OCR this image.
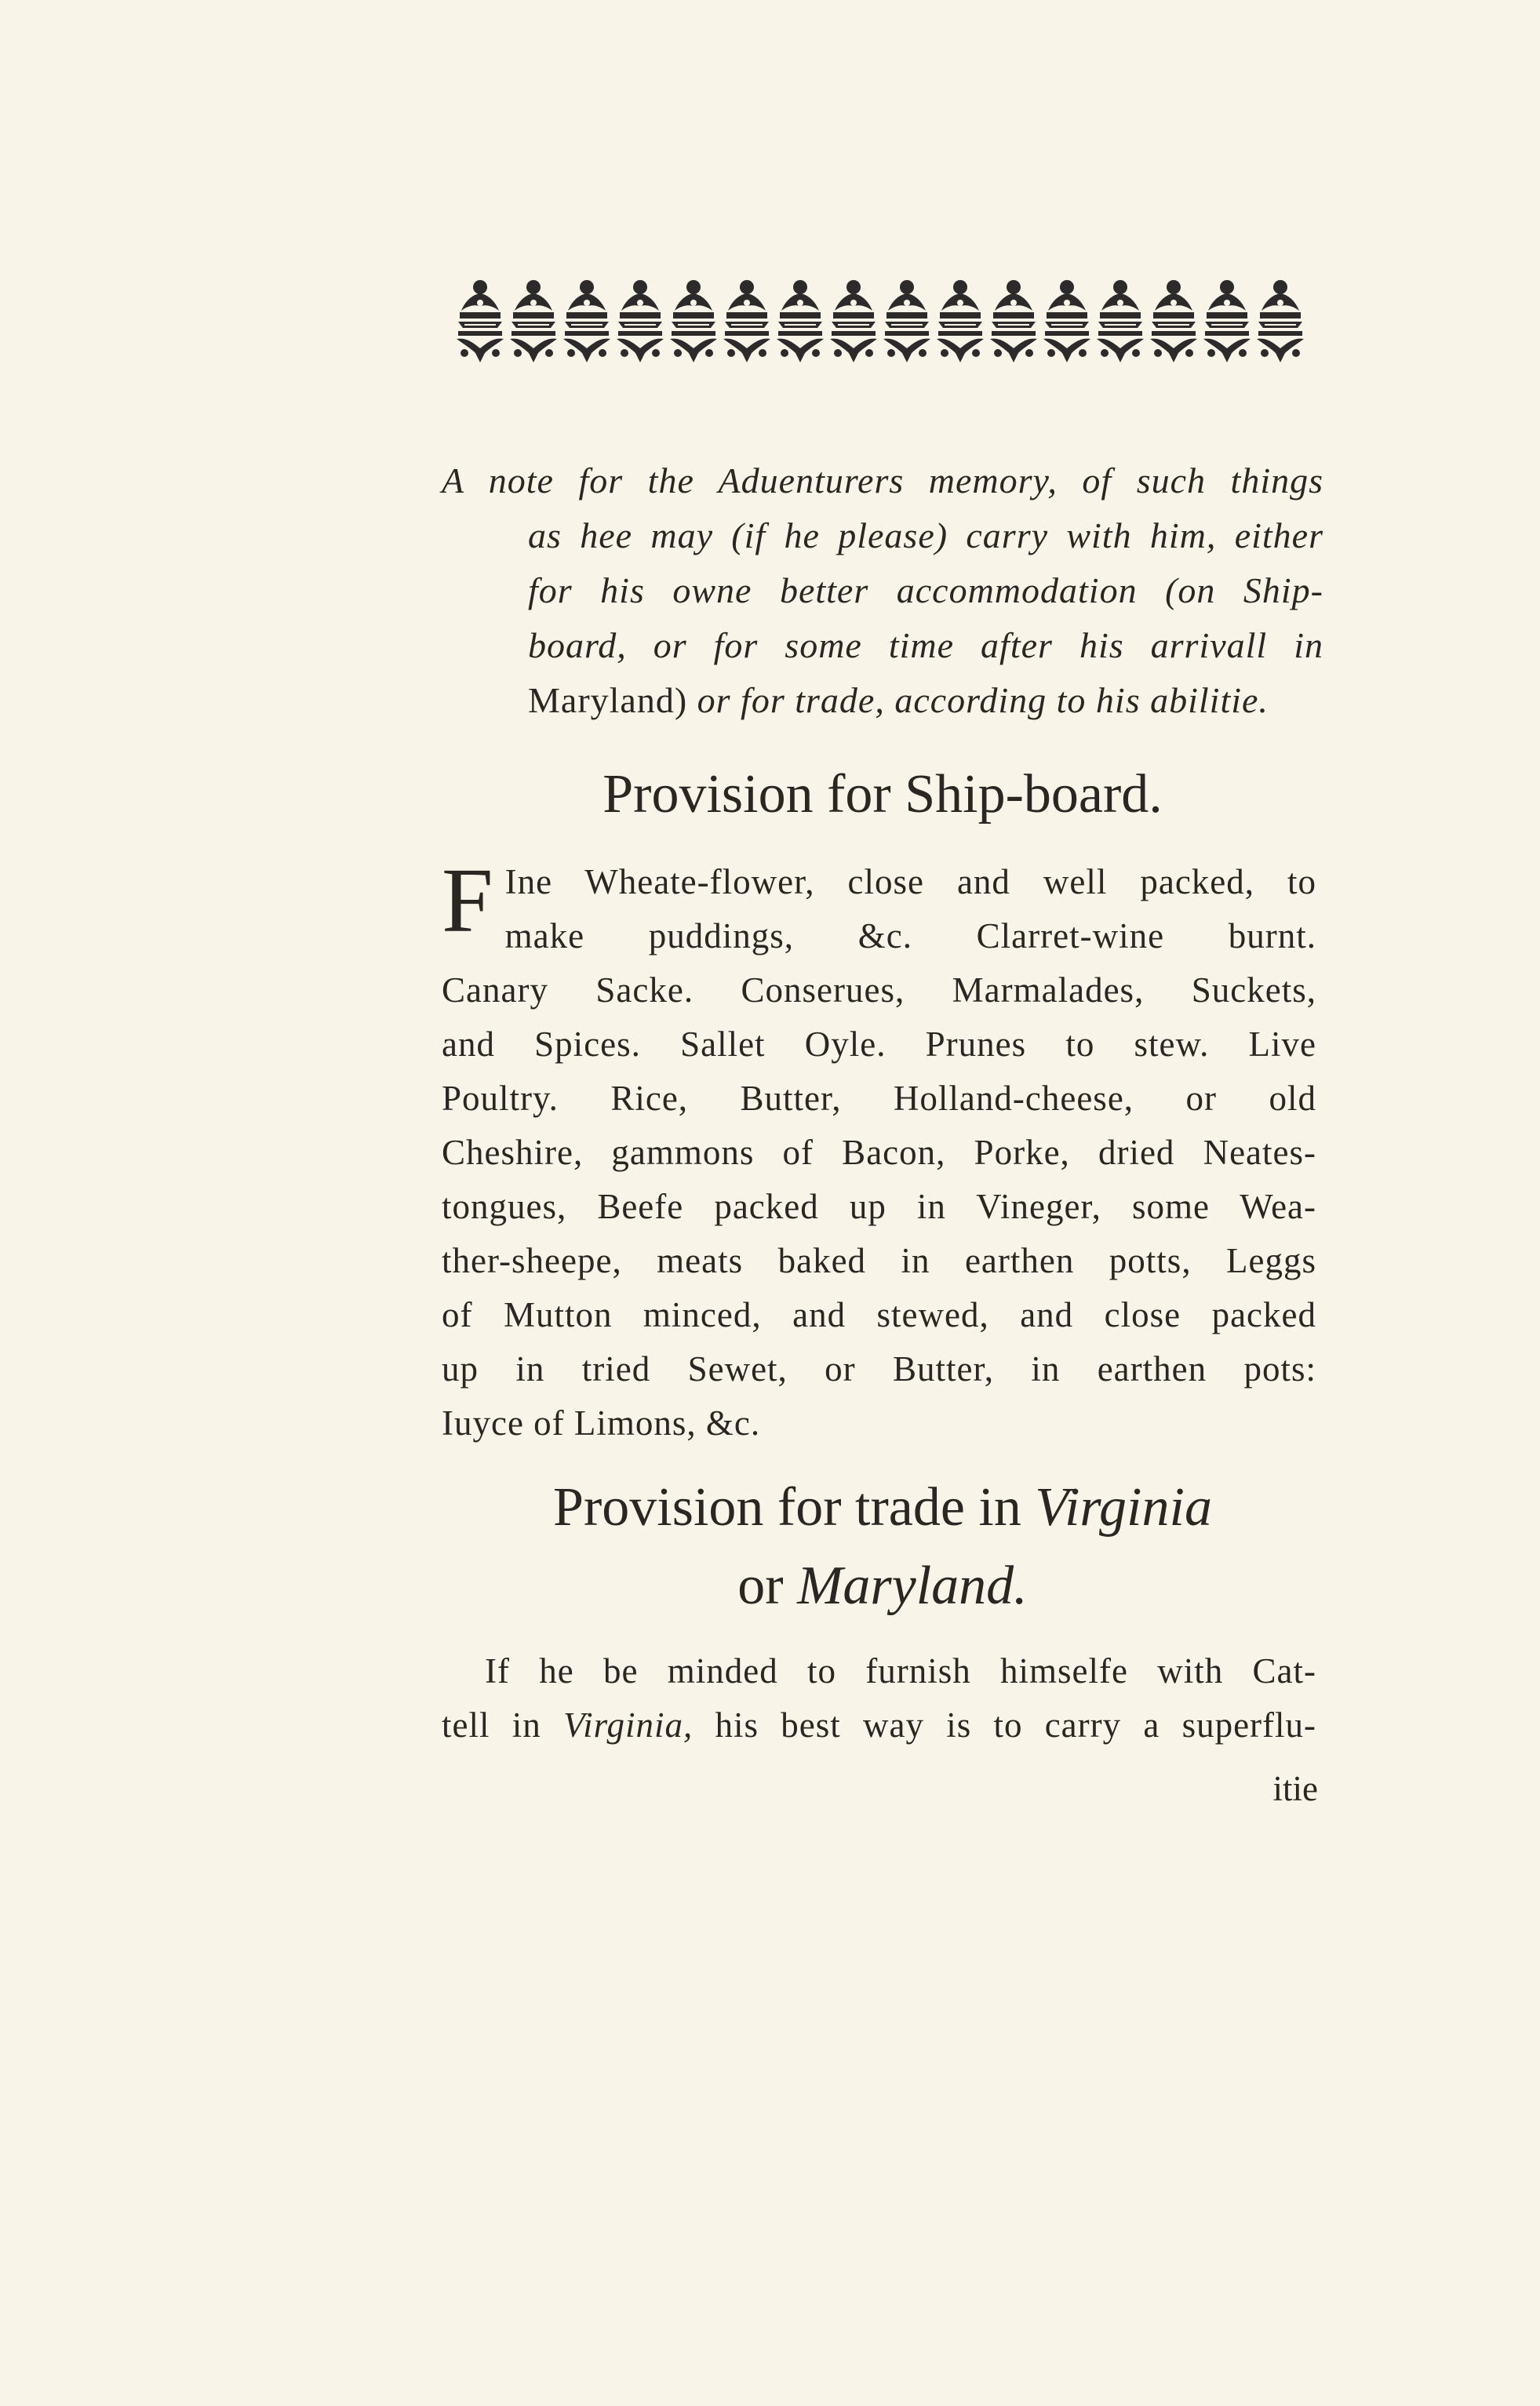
A note for the Aduenturers memory, of such things

as hee may (if he please) carry with him, either

for his owne better accommodation (on Ship-

board, or for some time after his arrivall in

Maryland) or for trade, according to his abilitie.

Provision for Ship-board.
F Ine Wheate-flower, close and well packed, to
make puddings, &c. Clarret-wine burnt.
Canary Sacke. Conserues, Marmalades, Suckets,
and Spices. Sallet Oyle. Prunes to stew. Live
Poultry. Rice, Butter, Holland-cheese, or old
Cheshire, gammons of Bacon, Porke, dried Neates-
tongues, Beefe packed up in Vineger, some Wea-
ther-sheepe, meats baked in earthen potts, Leggs
of Mutton minced, and stewed, and close packed
up in tried Sewet, or Butter, in earthen pots:
Iuyce of Limons, &c.
Provision for trade in Virginia
or Maryland.
If he be minded to furnish himselfe with Cat-
tell in Virginia, his best way is to carry a superflu-
itie
